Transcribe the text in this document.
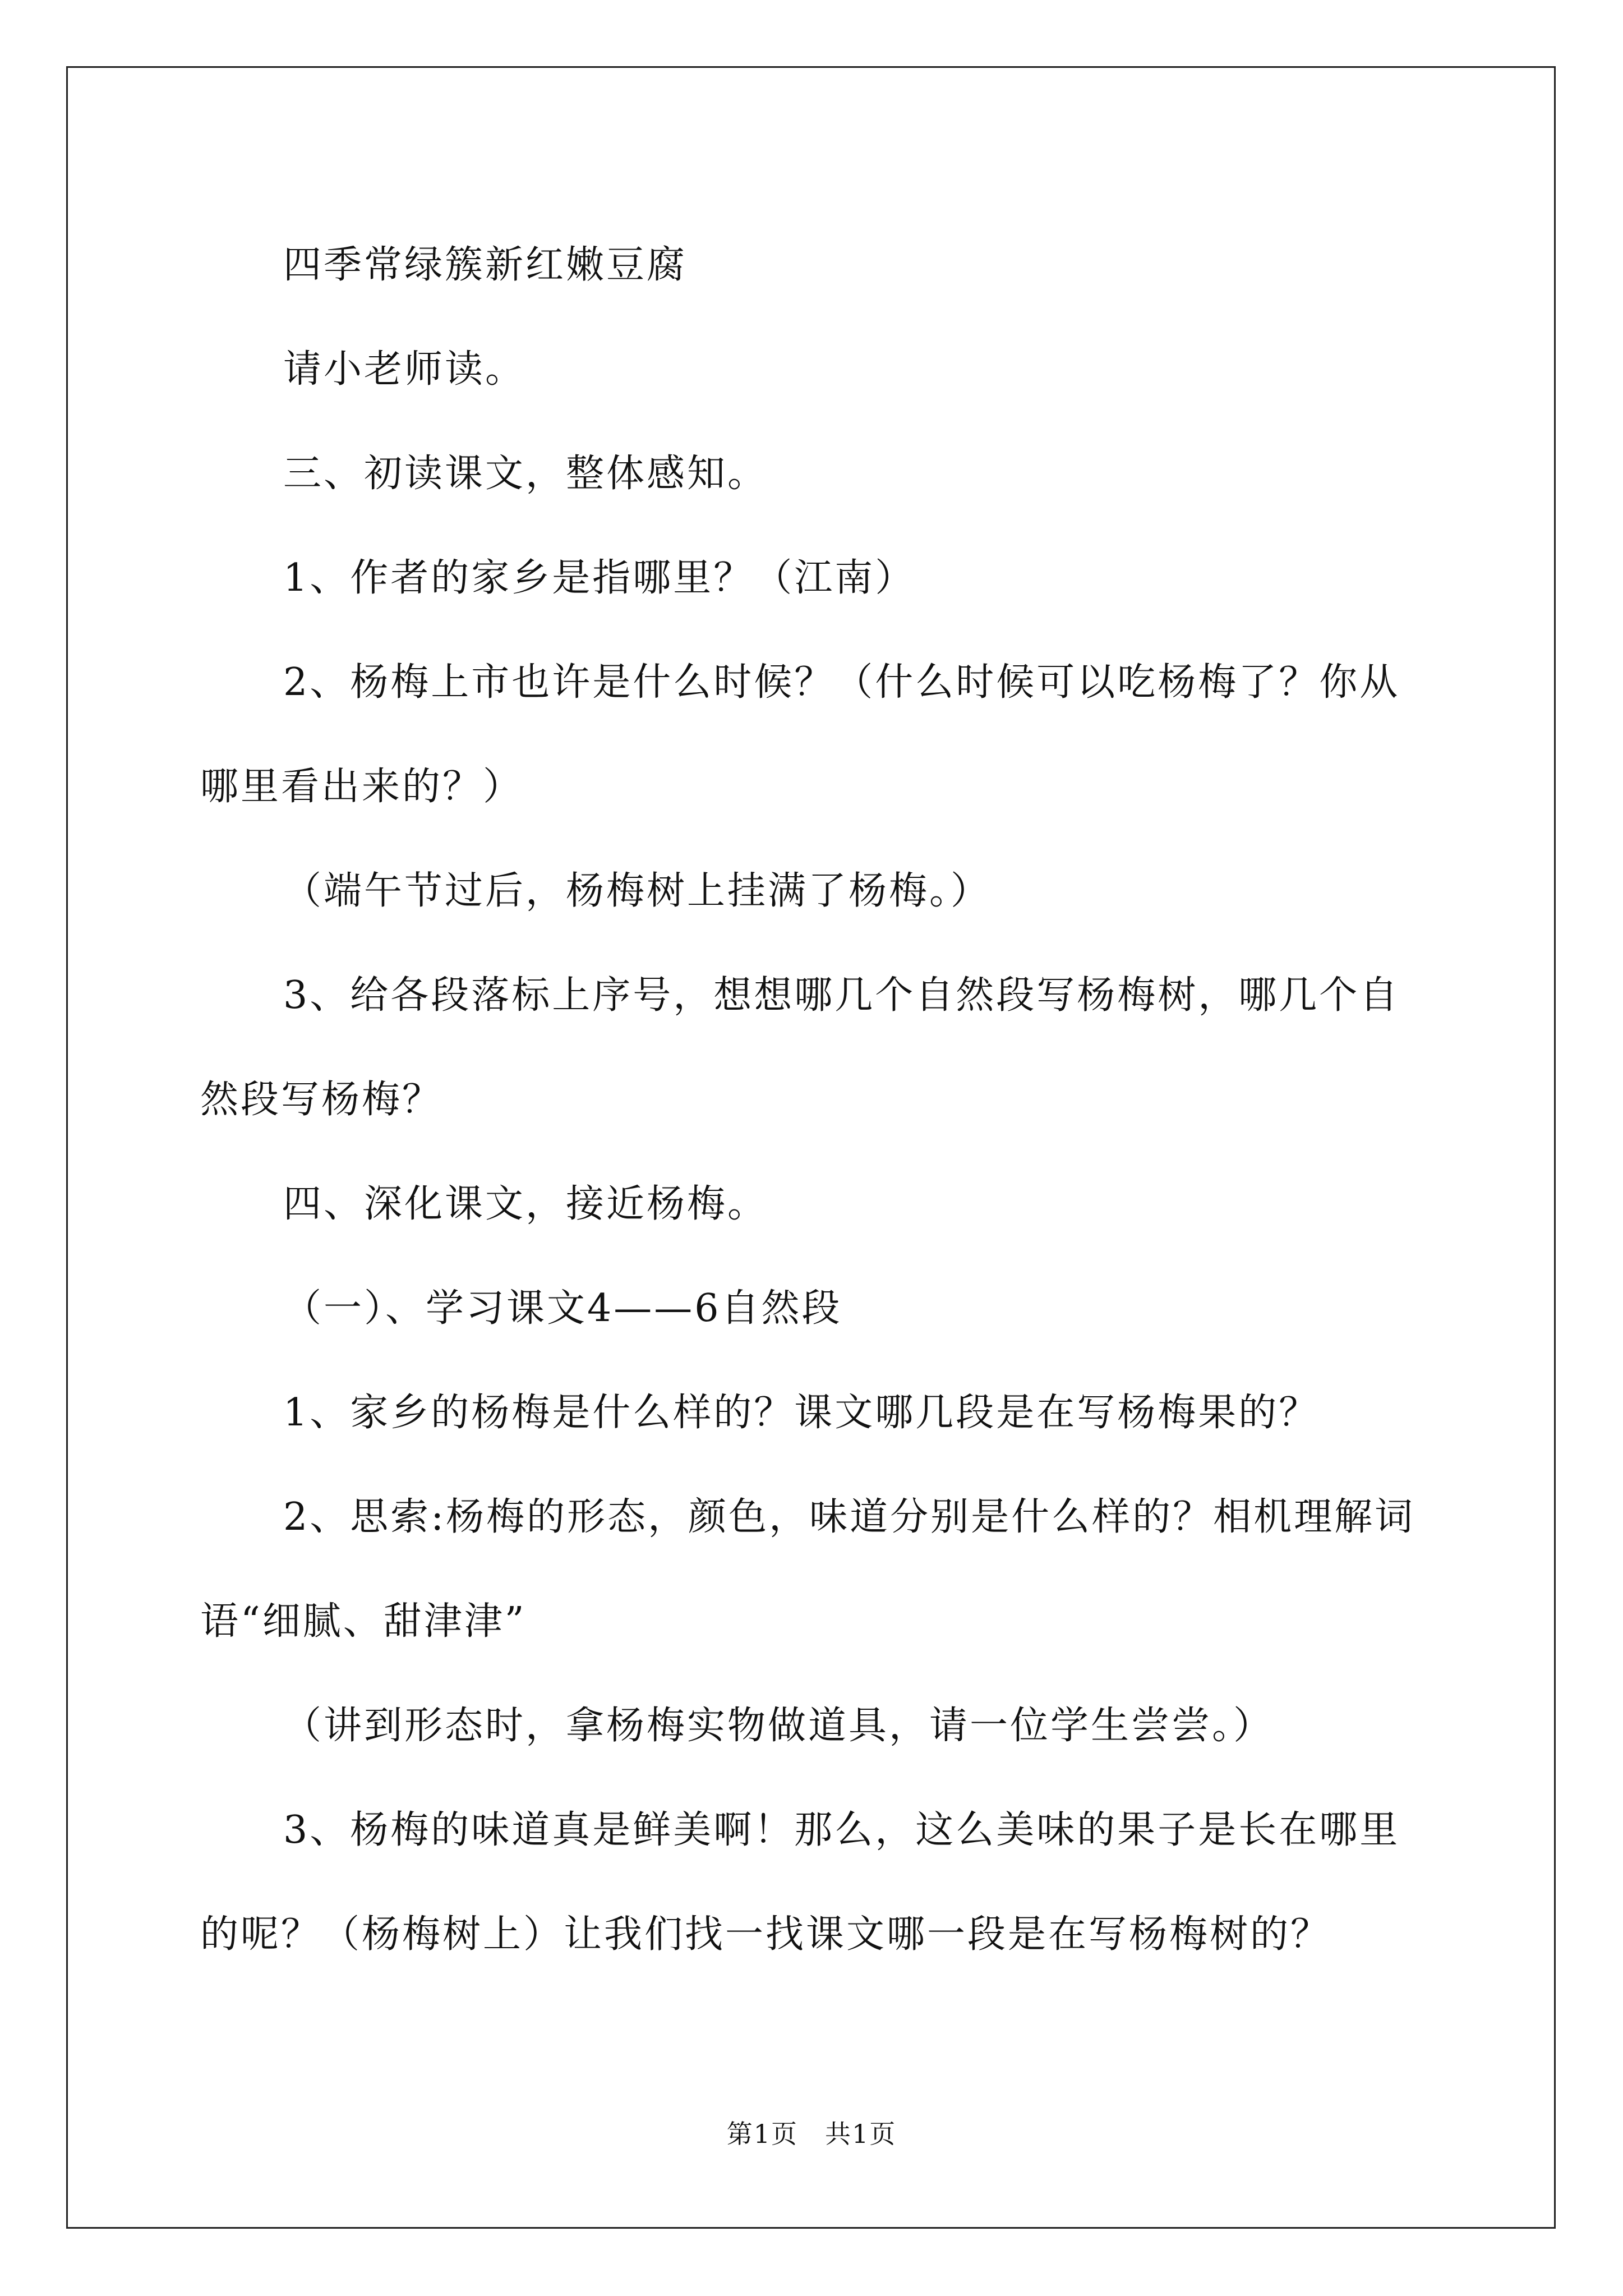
四季常绿簇新红嫩豆腐

请小老师读。

三、初读课文，整体感知。

1、作者的家乡是指哪里？（江南）

2、杨梅上市也许是什么时候？（什么时候可以吃杨梅了？你从哪里看出来的？）

（端午节过后，杨梅树上挂满了杨梅。）

3、给各段落标上序号，想想哪几个自然段写杨梅树，哪几个自然段写杨梅？

四、深化课文，接近杨梅。

（一）、学习课文4——6自然段

1、家乡的杨梅是什么样的？课文哪几段是在写杨梅果的？

2、思索:杨梅的形态，颜色，味道分别是什么样的？相机理解词语“细腻、甜津津”

（讲到形态时，拿杨梅实物做道具，请一位学生尝尝。）

3、杨梅的味道真是鲜美啊！那么，这么美味的果子是长在哪里的呢？（杨梅树上）让我们找一找课文哪一段是在写杨梅树的？

第1页　共1页
